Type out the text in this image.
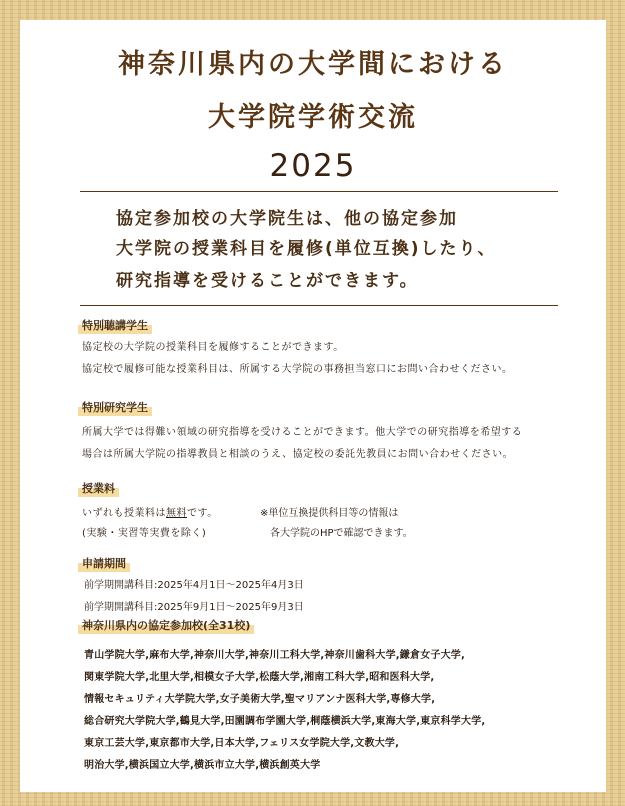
神奈川県内の大学間における
大学院学術交流
2025
協定参加校の大学院生は、他の協定参加
大学院の授業科目を履修(単位互換)したり、
研究指導を受けることができます。
特別聴講学生
協定校の大学院の授業科目を履修することができます。
協定校で履修可能な授業科目は、所属する大学院の事務担当窓口にお問い合わせください。
特別研究学生
所属大学では得難い領域の研究指導を受けることができます。他大学での研究指導を希望する
場合は所属大学院の指導教員と相談のうえ、協定校の委託先教員にお問い合わせください。
授業料
いずれも授業料は無料です。
(実験・実習等実費を除く)
※単位互換提供科目等の情報は
各大学院のHPで確認できます。
申請期間
前学期開講科目:2025年4月1日～2025年4月3日
前学期開講科目:2025年9月1日～2025年9月3日
神奈川県内の協定参加校(全31校)
青山学院大学,麻布大学,神奈川大学,神奈川工科大学,神奈川歯科大学,鎌倉女子大学,
関東学院大学,北里大学,相模女子大学,松蔭大学,湘南工科大学,昭和医科大学,
情報セキュリティ大学院大学,女子美術大学,聖マリアンナ医科大学,専修大学,
総合研究大学院大学,鶴見大学,田園調布学園大学,桐蔭横浜大学,東海大学,東京科学大学,
東京工芸大学,東京都市大学,日本大学,フェリス女学院大学,文教大学,
明治大学,横浜国立大学,横浜市立大学,横浜創英大学
